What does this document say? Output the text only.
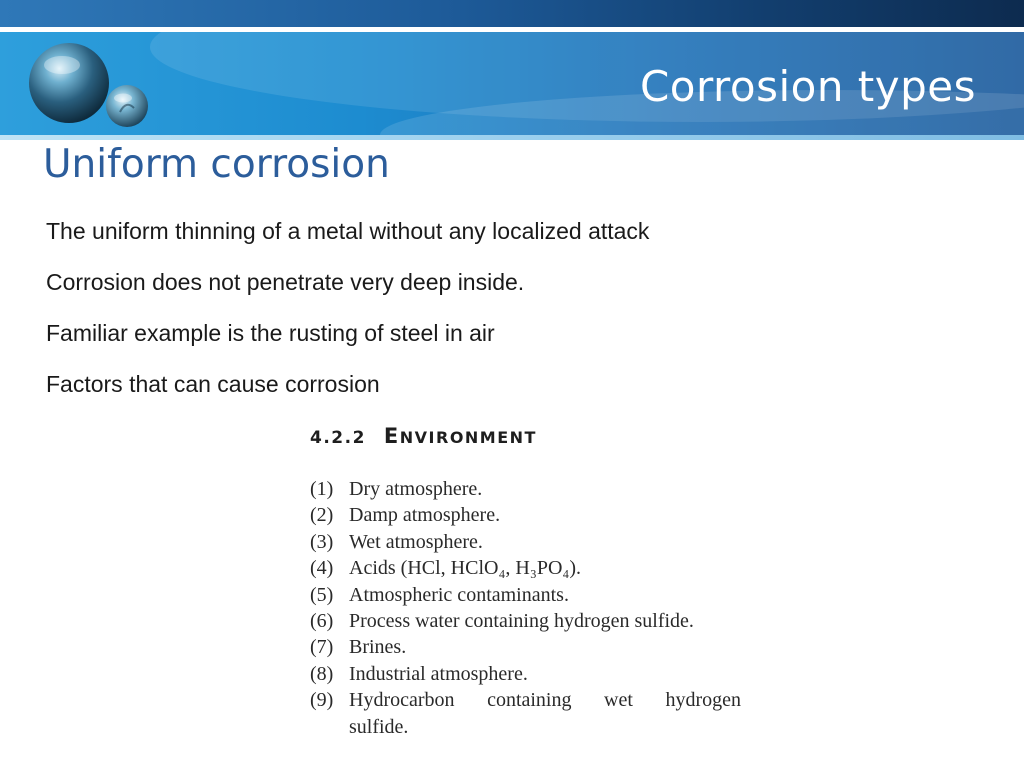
Corrosion types
Uniform corrosion
The uniform thinning of a metal without any localized attack
Corrosion does not penetrate very deep inside.
Familiar example is the rusting of steel in air
Factors that can cause corrosion
4.2.2 ENVIRONMENT
(1) Dry atmosphere.
(2) Damp atmosphere.
(3) Wet atmosphere.
(4) Acids (HCl, HClO₄, H₃PO₄).
(5) Atmospheric contaminants.
(6) Process water containing hydrogen sulfide.
(7) Brines.
(8) Industrial atmosphere.
(9) Hydrocarbon containing wet hydrogen
sulfide.
